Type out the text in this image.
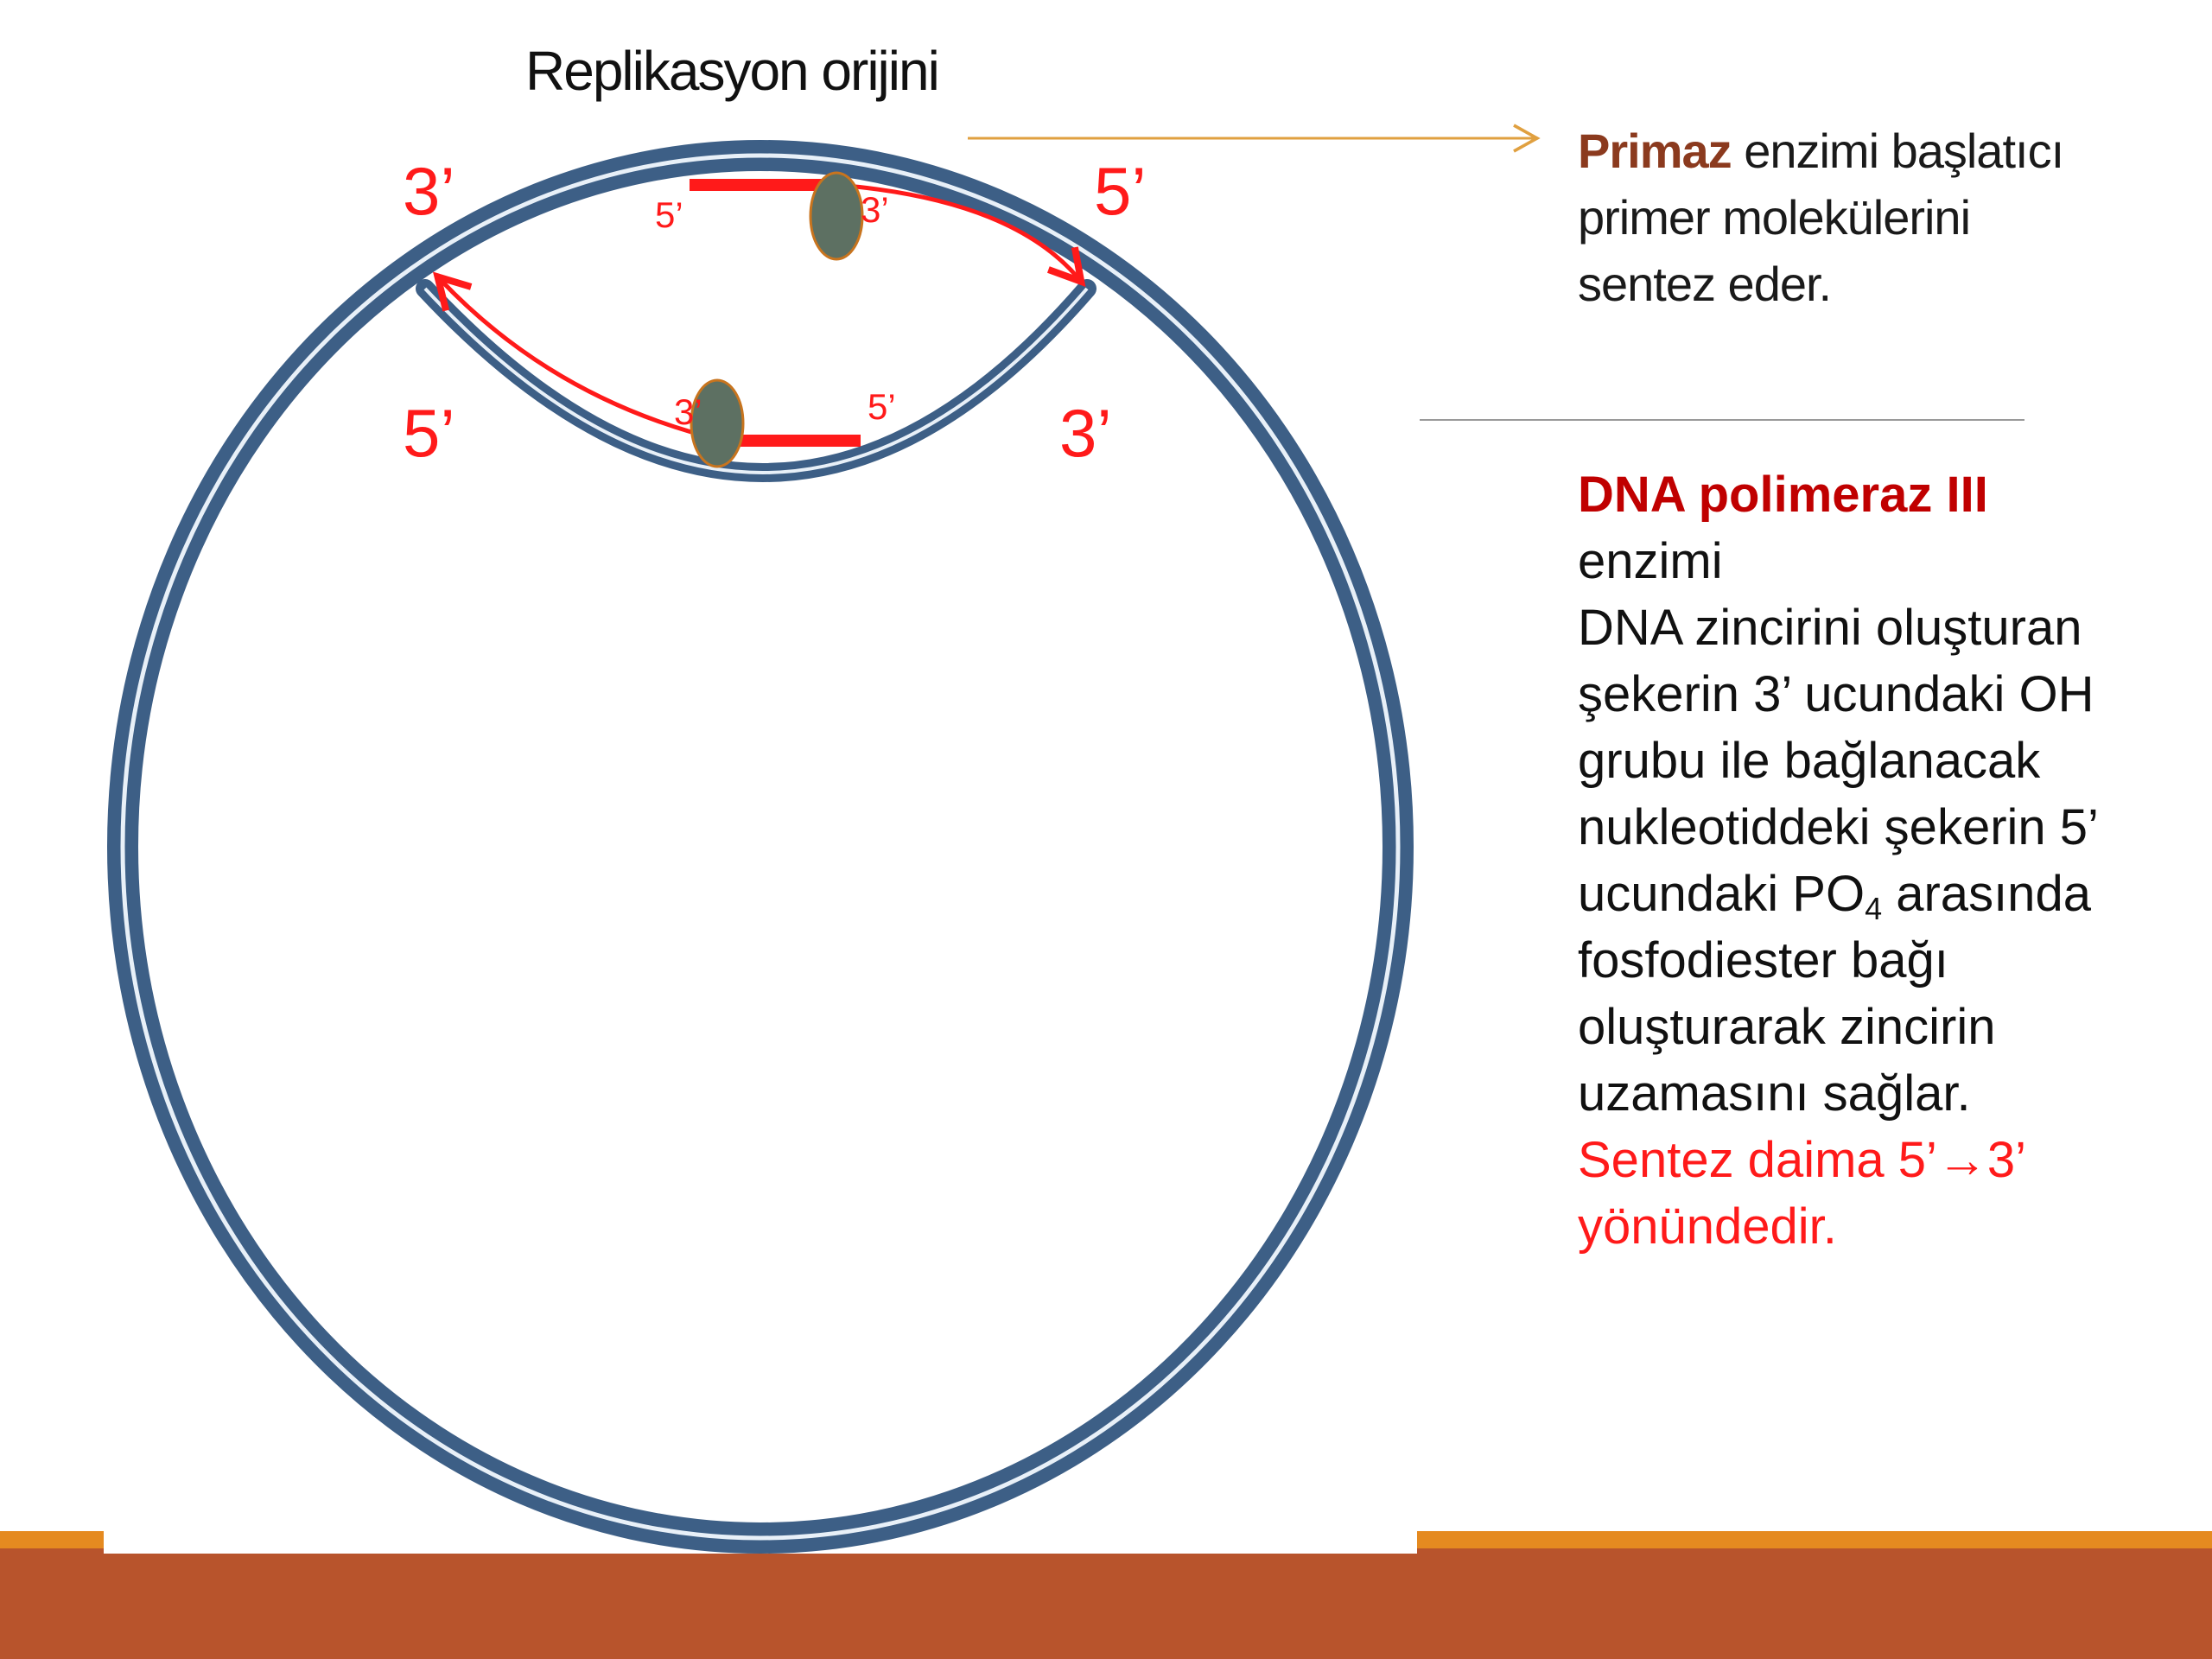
Replikasyon orijini
3’	5’
5’	3’
5’	3’
3’	5’
Primaz enzimi başlatıcı
primer molekülerini
sentez eder.
DNA polimeraz III
enzimi
DNA zincirini oluşturan
şekerin 3’ ucundaki OH
grubu ile bağlanacak
nukleotiddeki şekerin 5’
ucundaki $PO_4$ arasında
fosfodiester bağı
oluşturarak zincirin
uzamasını sağlar.
Sentez daima 5’→3’
yönündedir.
